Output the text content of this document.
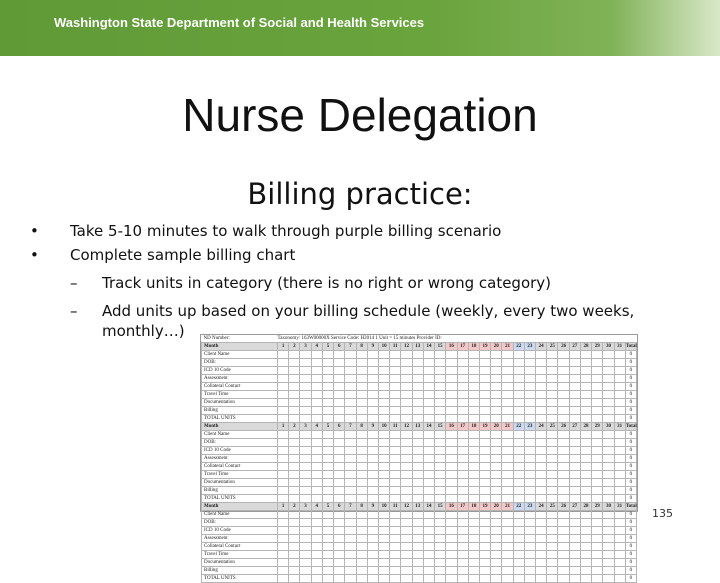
Washington State Department of Social and Health Services
Nurse Delegation
Billing practice:
• Take 5-10 minutes to walk through purple billing scenario
• Complete sample billing chart
– Track units in category (there is no right or wrong category)
– Add units up based on your billing schedule (weekly, every two weeks,
monthly…)	ND Number:	Taxonomy: 163W00000X Service Code: H2014 1 Unit = 15 minutes Provider ID:																															
Month	1	2	3	4	5	6	7	8	9	10	11	12	13	14	15	16	17	18	19	20	21	22	23	24	25	26	27	28	29	30	31	Total
Client Name																																0
DOB:																																0
ICD 10 Code																																0
Assessment																																0
Collateral Contact																																0
Travel Time																																0
Documentation																																0
Billing																																0
TOTAL UNITS																																0
Month	1	2	3	4	5	6	7	8	9	10	11	12	13	14	15	16	17	18	19	20	21	22	23	24	25	26	27	28	29	30	31	Total
Client Name																																0
DOB:																																0
ICD 10 Code																																0
Assessment																																0
Collateral Contact																																0
Travel Time																																0
Documentation																																0
Billing																																0
TOTAL UNITS																																0
Month	1	2	3	4	5	6	7	8	9	10	11	12	13	14	15	16	17	18	19	20	21	22	23	24	25	26	27	28	29	30	31	Total
Client Name																																0
DOB:																																0
ICD 10 Code																																0
Assessment																																0
Collateral Contact																																0
Travel Time																																0
Documentation																																0
Billing																																0
TOTAL UNITS																																0
135
